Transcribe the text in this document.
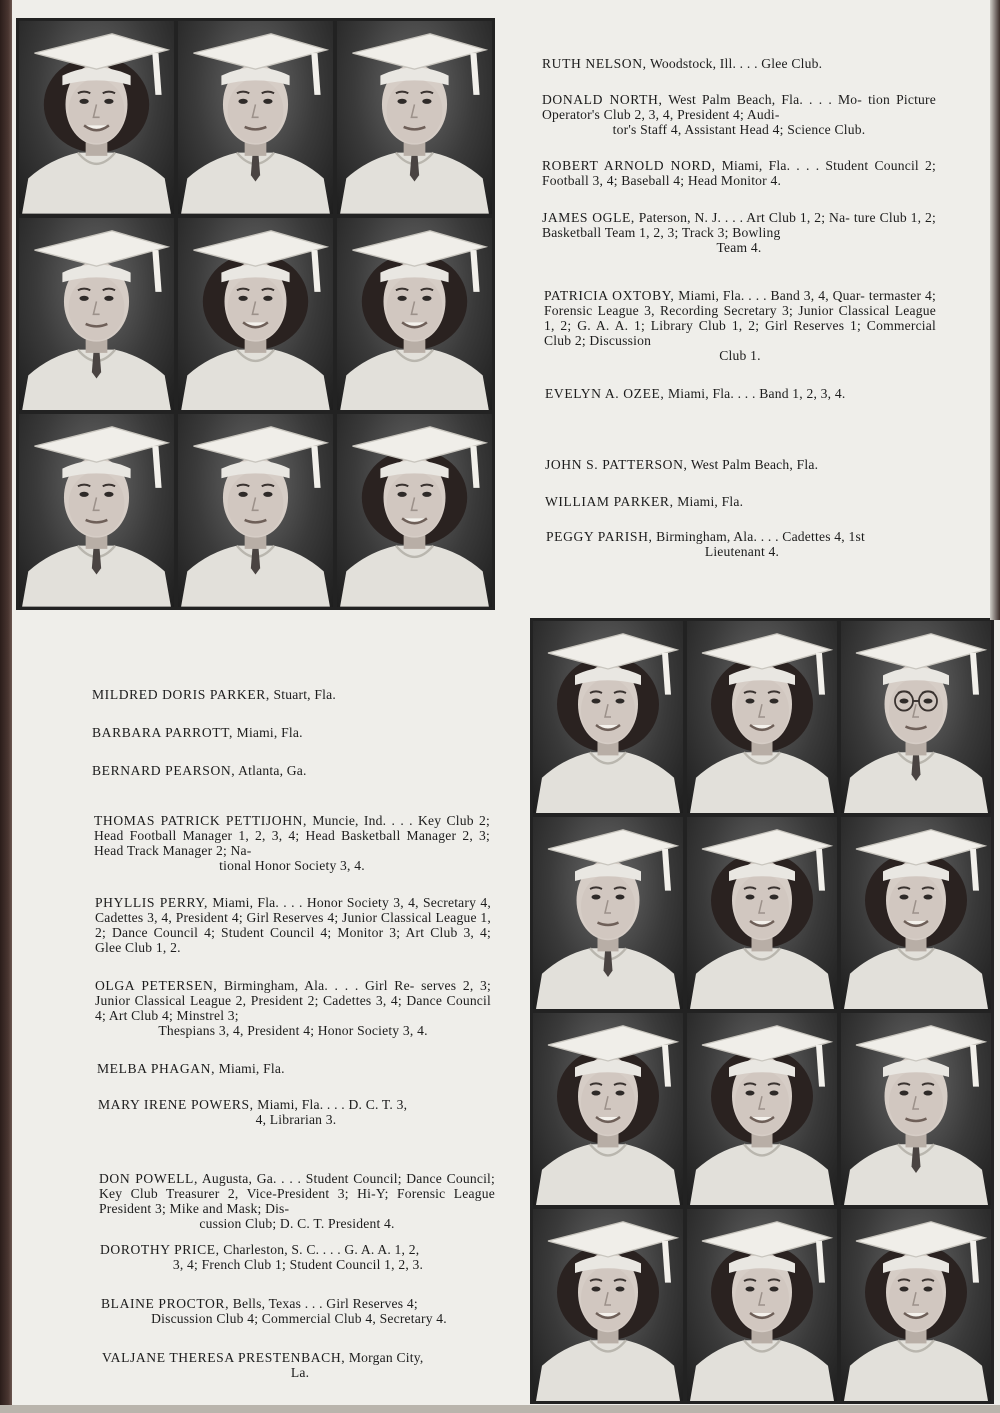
RUTH NELSON, Woodstock, Ill. . . . Glee Club.
DONALD NORTH, West Palm Beach, Fla. . . . Mo- tion Picture Operator's Club 2, 3, 4, President 4; Audi-
tor's Staff 4, Assistant Head 4; Science Club.
ROBERT ARNOLD NORD, Miami, Fla. . . . Student Council 2; Football 3, 4; Baseball 4; Head Monitor 4.
JAMES OGLE, Paterson, N. J. . . . Art Club 1, 2; Na- ture Club 1, 2; Basketball Team 1, 2, 3; Track 3; Bowling
Team 4.
PATRICIA OXTOBY, Miami, Fla. . . . Band 3, 4, Quar- termaster 4; Forensic League 3, Recording Secretary 3; Junior Classical League 1, 2; G. A. A. 1; Library Club 1, 2; Girl Reserves 1; Commercial Club 2; Discussion
Club 1.
EVELYN A. OZEE, Miami, Fla. . . . Band 1, 2, 3, 4.
JOHN S. PATTERSON, West Palm Beach, Fla.
WILLIAM PARKER, Miami, Fla.
PEGGY PARISH, Birmingham, Ala. . . . Cadettes 4, 1st
Lieutenant 4.
MILDRED DORIS PARKER, Stuart, Fla.
BARBARA PARROTT, Miami, Fla.
BERNARD PEARSON, Atlanta, Ga.
THOMAS PATRICK PETTIJOHN, Muncie, Ind. . . . Key Club 2; Head Football Manager 1, 2, 3, 4; Head Basketball Manager 2, 3; Head Track Manager 2; Na-
tional Honor Society 3, 4.
PHYLLIS PERRY, Miami, Fla. . . . Honor Society 3, 4, Secretary 4, Cadettes 3, 4, President 4; Girl Reserves 4; Junior Classical League 1, 2; Dance Council 4; Student Council 4; Monitor 3; Art Club 3, 4; Glee Club 1, 2.
OLGA PETERSEN, Birmingham, Ala. . . . Girl Re- serves 2, 3; Junior Classical League 2, President 2; Cadettes 3, 4; Dance Council 4; Art Club 4; Minstrel 3;
Thespians 3, 4, President 4; Honor Society 3, 4.
MELBA PHAGAN, Miami, Fla.
MARY IRENE POWERS, Miami, Fla. . . . D. C. T. 3,
4, Librarian 3.
DON POWELL, Augusta, Ga. . . . Student Council; Dance Council; Key Club Treasurer 2, Vice-President 3; Hi-Y; Forensic League President 3; Mike and Mask; Dis-
cussion Club; D. C. T. President 4.
DOROTHY PRICE, Charleston, S. C. . . . G. A. A. 1, 2,
3, 4; French Club 1; Student Council 1, 2, 3.
BLAINE PROCTOR, Bells, Texas . . . Girl Reserves 4;
Discussion Club 4; Commercial Club 4, Secretary 4.
VALJANE THERESA PRESTENBACH, Morgan City,
La.
